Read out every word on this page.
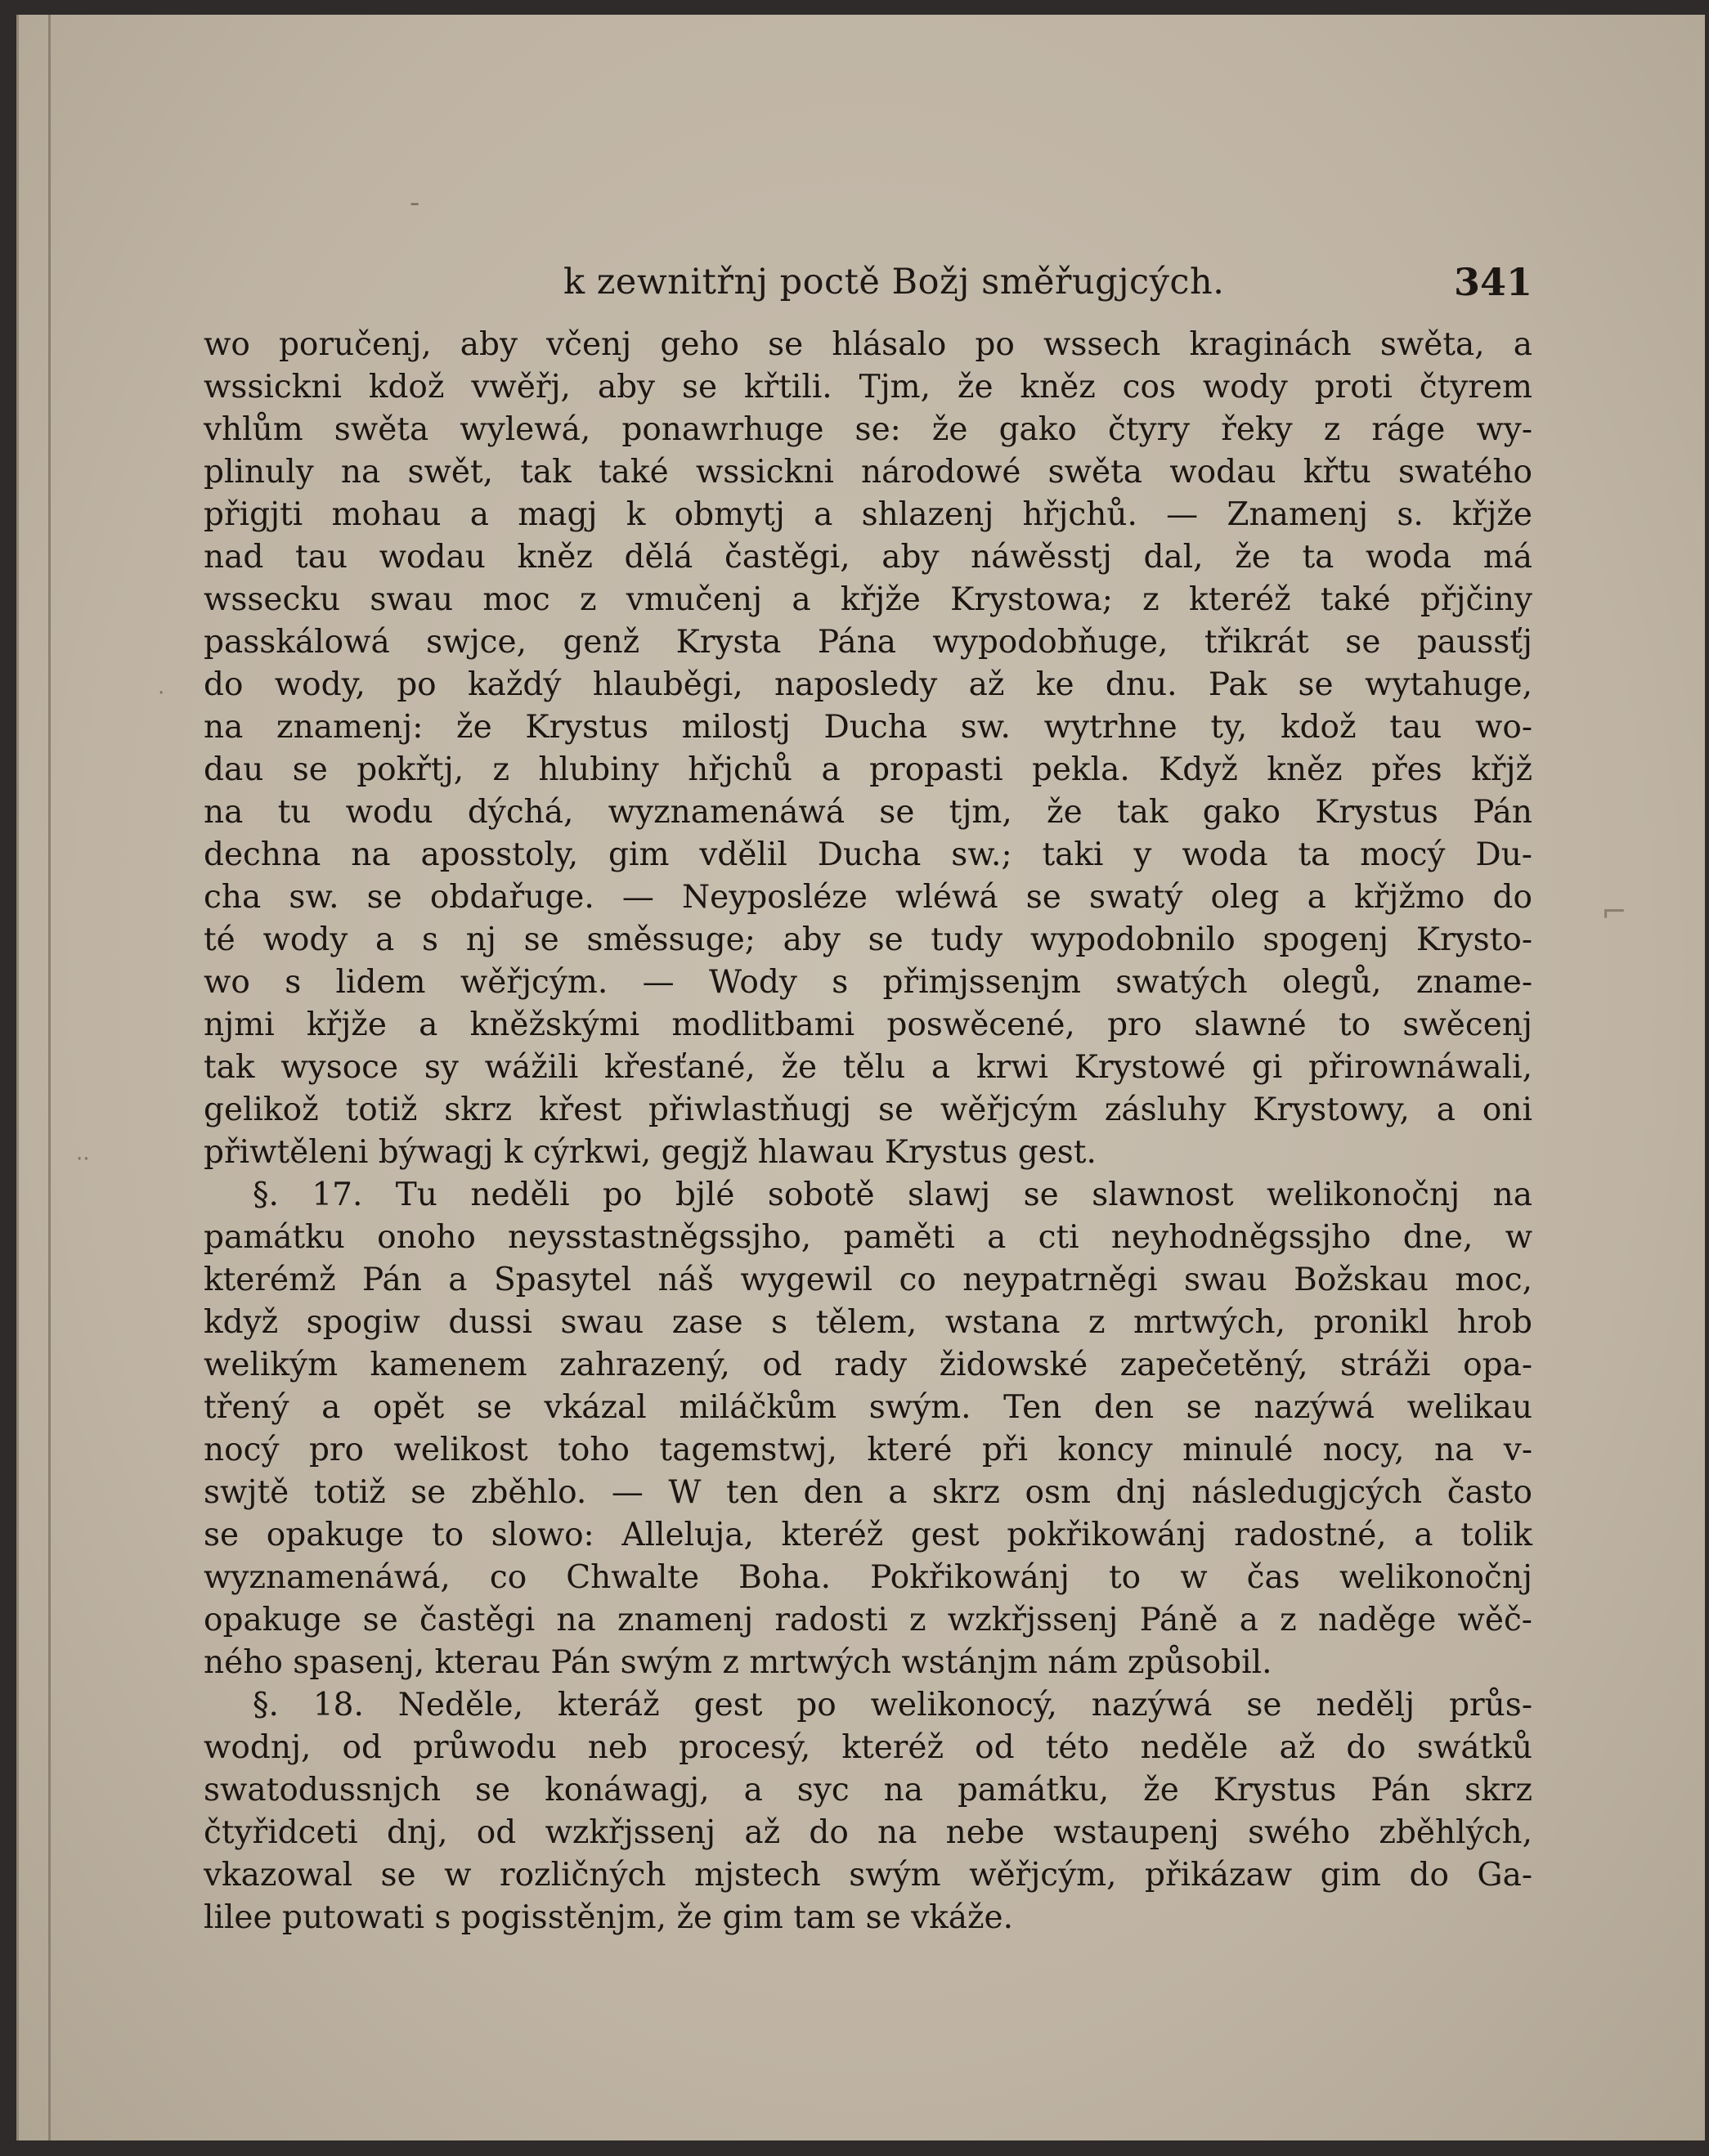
‐
⌐
·
··
k zewnitřnj poctě Božj směřugjcých.	341
wo poručenj, aby včenj geho se hlásalo po wssech kraginách swěta, a
wssickni kdož vwěřj, aby se křtili. Tjm, že kněz cos wody proti čtyrem
vhlům swěta wylewá, ponawrhuge se: že gako čtyry řeky z ráge wy-
plinuly na swět, tak také wssickni národowé swěta wodau křtu swatého
přigjti mohau a magj k obmytj a shlazenj hřjchů. — Znamenj s. křjže
nad tau wodau kněz dělá častěgi, aby náwěsstj dal, že ta woda má
wssecku swau moc z vmučenj a křjže Krystowa; z kteréž také přjčiny
passkálowá swjce, genž Krysta Pána wypodobňuge, třikrát se paussťj
do wody, po každý hlauběgi, naposledy až ke dnu. Pak se wytahuge,
na znamenj: že Krystus milostj Ducha sw. wytrhne ty, kdož tau wo-
dau se pokřtj, z hlubiny hřjchů a propasti pekla. Když kněz přes křjž
na tu wodu dýchá, wyznamenáwá se tjm, že tak gako Krystus Pán
dechna na aposstoly, gim vdělil Ducha sw.; taki y woda ta mocý Du-
cha sw. se obdařuge. — Neyposléze wléwá se swatý oleg a křjžmo do
té wody a s nj se směssuge; aby se tudy wypodobnilo spogenj Krysto-
wo s lidem wěřjcým. — Wody s přimjssenjm swatých olegů, zname-
njmi křjže a kněžskými modlitbami poswěcené, pro slawné to swěcenj
tak wysoce sy wážili křesťané, že tělu a krwi Krystowé gi přirownáwali,
gelikož totiž skrz křest přiwlastňugj se wěřjcým zásluhy Krystowy, a oni
přiwtěleni býwagj k cýrkwi, gegjž hlawau Krystus gest.
§. 17. Tu neděli po bjlé sobotě slawj se slawnost welikonočnj na
památku onoho neysstastněgssjho, paměti a cti neyhodněgssjho dne, w
kterémž Pán a Spasytel náš wygewil co neypatrněgi swau Božskau moc,
když spogiw dussi swau zase s tělem, wstana z mrtwých, pronikl hrob
welikým kamenem zahrazený, od rady židowské zapečetěný, stráži opa-
třený a opět se vkázal miláčkům swým. Ten den se nazýwá welikau
nocý pro welikost toho tagemstwj, které při koncy minulé nocy, na v-
swjtě totiž se zběhlo. — W ten den a skrz osm dnj následugjcých často
se opakuge to slowo: Alleluja, kteréž gest pokřikowánj radostné, a tolik
wyznamenáwá, co Chwalte Boha. Pokřikowánj to w čas welikonočnj
opakuge se častěgi na znamenj radosti z wzkřjssenj Páně a z naděge wěč-
ného spasenj, kterau Pán swým z mrtwých wstánjm nám způsobil.
§. 18. Neděle, kteráž gest po welikonocý, nazýwá se nedělj průs-
wodnj, od průwodu neb procesý, kteréž od této neděle až do swátků
swatodussnjch se konáwagj, a syc na památku, že Krystus Pán skrz
čtyřidceti dnj, od wzkřjssenj až do na nebe wstaupenj swého zběhlých,
vkazowal se w rozličných mjstech swým wěřjcým, přikázaw gim do Ga-
lilee putowati s pogisstěnjm, že gim tam se vkáže.
